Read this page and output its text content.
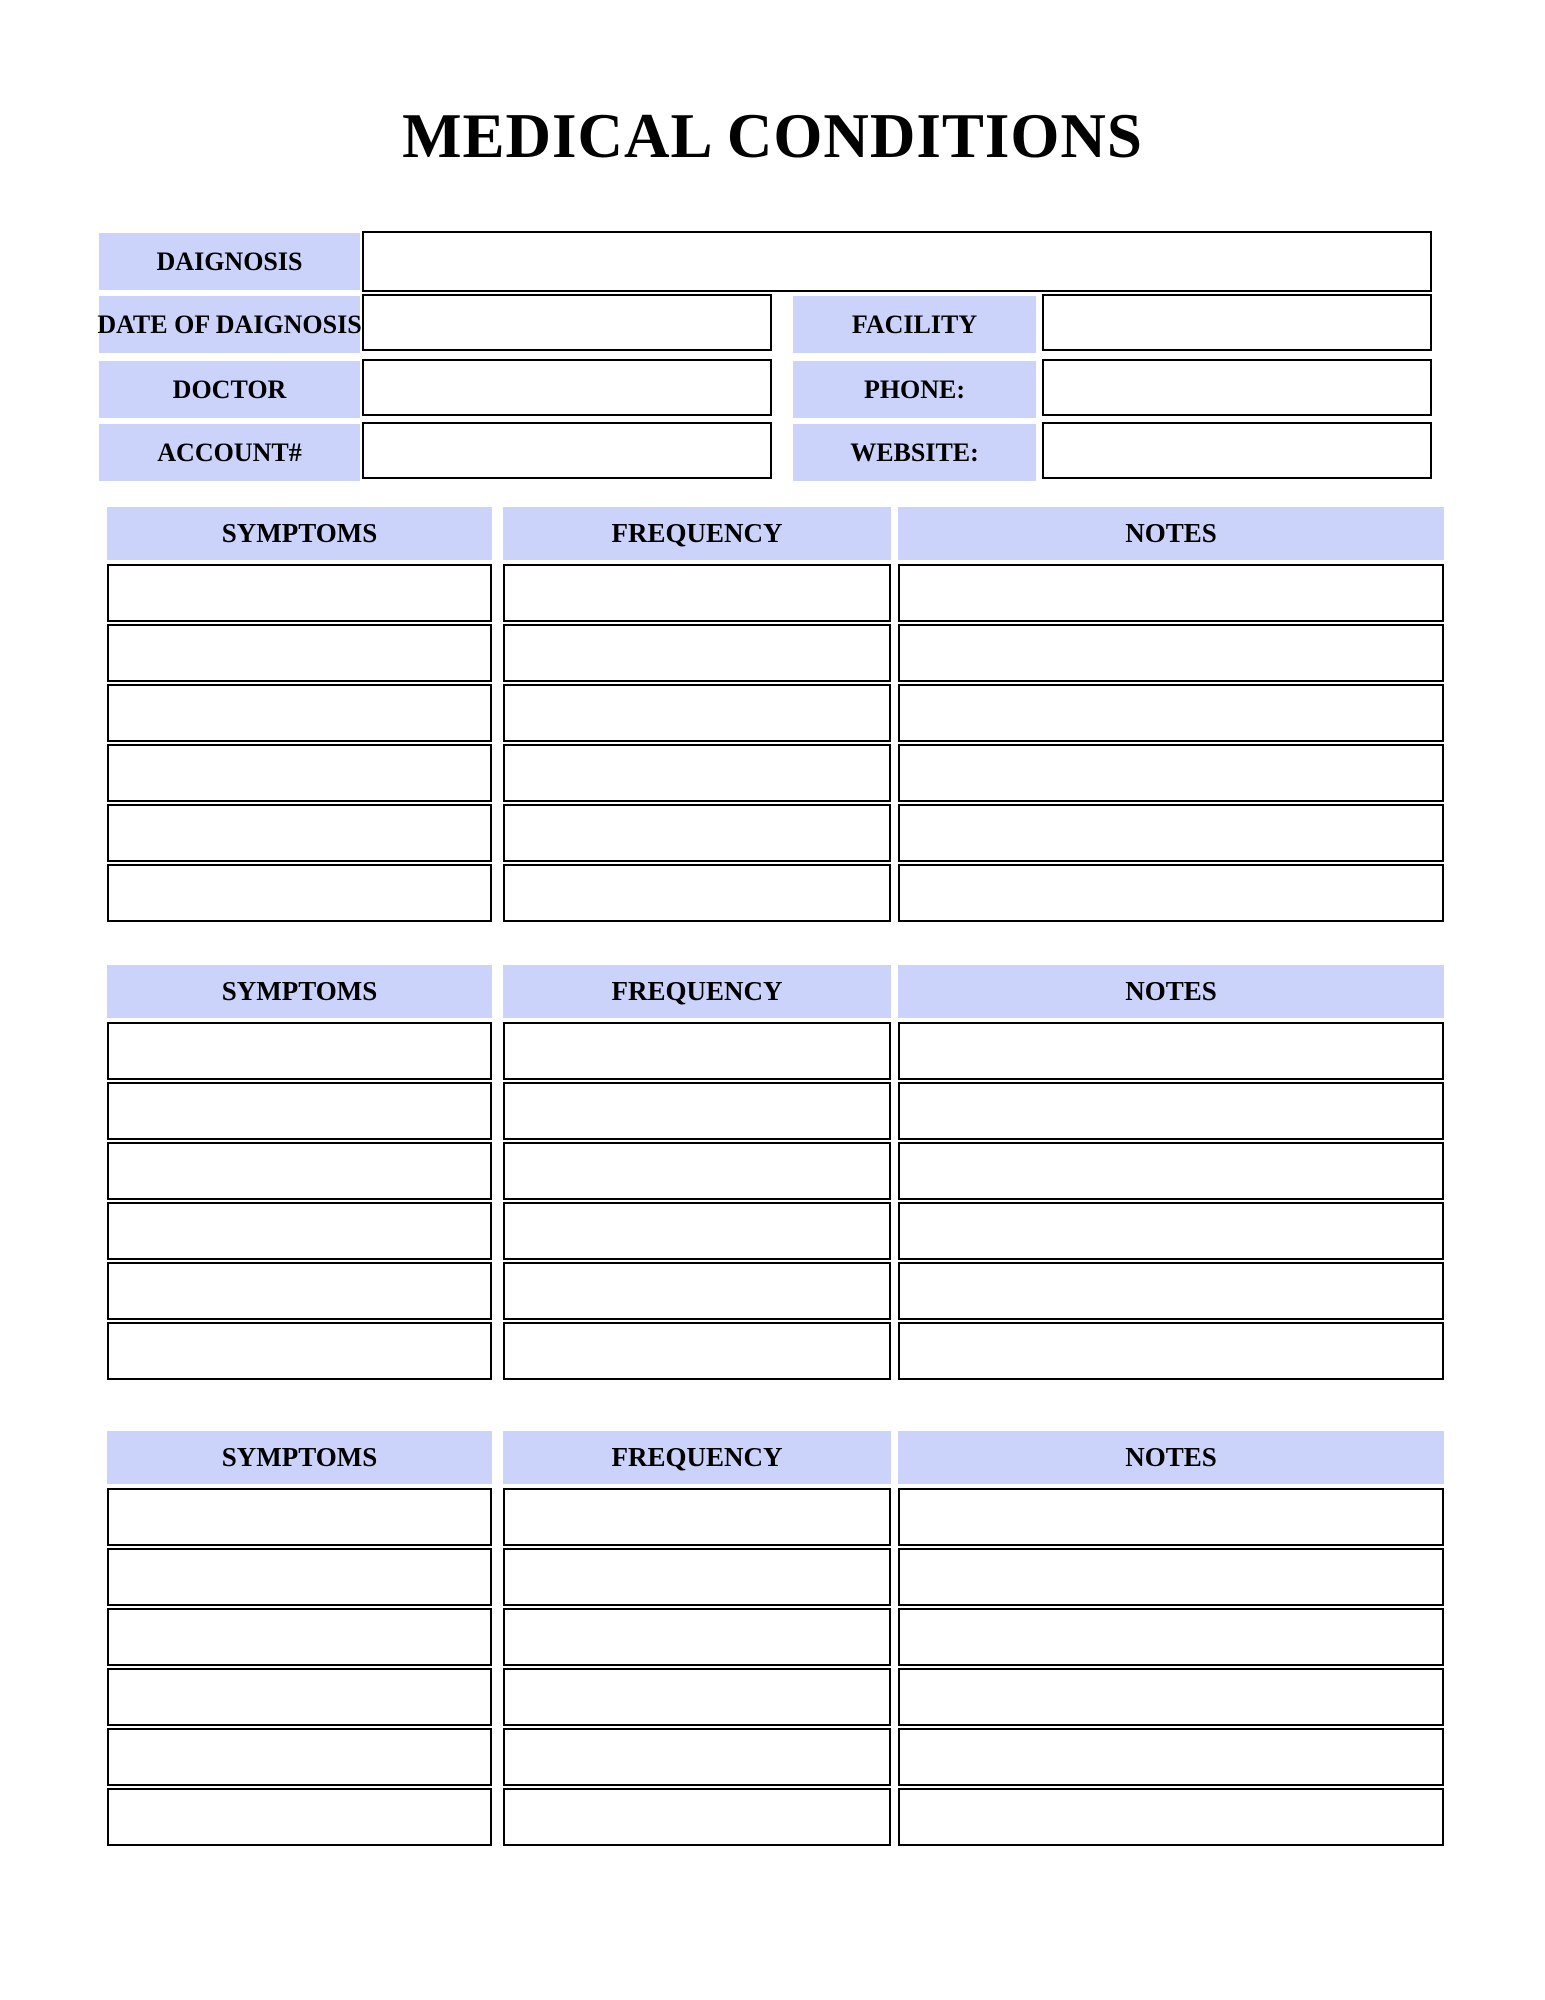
MEDICAL CONDITIONS
DAIGNOSIS
DATE OF DAIGNOSIS	FACILITY
DOCTOR	PHONE:
ACCOUNT#	WEBSITE:
SYMPTOMS	FREQUENCY	NOTES
SYMPTOMS	FREQUENCY	NOTES
SYMPTOMS	FREQUENCY	NOTES
